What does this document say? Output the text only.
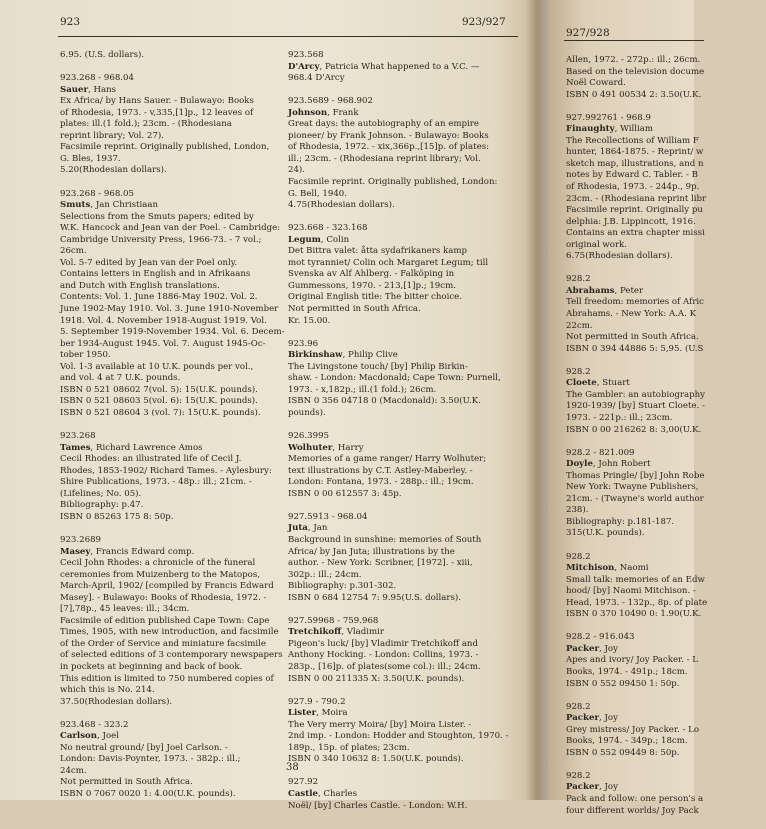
923	923/927

6.95. (U.S. dollars).

923.268 - 968.04

Sauer, Hans

Ex Africa/ by Hans Sauer. - Bulawayo: Books

of Rhodesia, 1973. - v,335,[1]p., 12 leaves of

plates: ill.(1 fold.); 23cm. - (Rhodesiana

reprint library; Vol. 27).

Facsimile reprint. Originally published, London,

G. Bles, 1937.

5.20(Rhodesian dollars).

923.268 - 968.05

Smuts, Jan Christiaan

Selections from the Smuts papers; edited by

W.K. Hancock and Jean van der Poel. - Cambridge:

Cambridge University Press, 1966-73. - 7 vol.;

26cm.

Vol. 5-7 edited by Jean van der Poel only.

Contains letters in English and in Afrikaans

and Dutch with English translations.

Contents: Vol. 1. June 1886-May 1902. Vol. 2.

June 1902-May 1910. Vol. 3. June 1910-November

1918. Vol. 4. November 1918-August 1919. Vol.

5. September 1919-November 1934. Vol. 6. Decem-

ber 1934-August 1945. Vol. 7. August 1945-Oc-

tober 1950.

Vol. 1-3 available at 10 U.K. pounds per vol.,

and vol. 4 at 7 U.K. pounds.

ISBN 0 521 08602 7(vol. 5): 15(U.K. pounds).

ISBN 0 521 08603 5(vol. 6): 15(U.K. pounds).

ISBN 0 521 08604 3 (vol. 7): 15(U.K. pounds).

923.268

Tames, Richard Lawrence Amos

Cecil Rhodes: an illustrated life of Cecil J.

Rhodes, 1853-1902/ Richard Tames. - Aylesbury:

Shire Publications, 1973. - 48p.: ill.; 21cm. -

(Lifelines; No. 05).

Bibliography: p.47.

ISBN 0 85263 175 8: 50p.

923.2689

Masey, Francis Edward comp.

Cecil John Rhodes: a chronicle of the funeral

ceremonies from Muizenberg to the Matopos,

March-April, 1902/ [compiled by Francis Edward

Masey]. - Bulawayo: Books of Rhodesia, 1972. -

[7],78p., 45 leaves: ill.; 34cm.

Facsimile of edition published Cape Town: Cape

Times, 1905, with new introduction, and facsimile

of the Order of Service and miniature facsimile

of selected editions of 3 contemporary newspapers

in pockets at beginning and back of book.

This edition is limited to 750 numbered copies of

which this is No. 214.

37.50(Rhodesian dollars).

923.468 - 323.2

Carlson, Joel

No neutral ground/ [by] Joel Carlson. -

London: Davis-Poynter, 1973. - 382p.: ill.;

24cm.

Not permitted in South Africa.

ISBN 0 7067 0020 1: 4.00(U.K. pounds).

923.568

D'Arcy, Patricia What happened to a V.C. —

968.4 D'Arcy

923.5689 - 968.902

Johnson, Frank

Great days: the autobiography of an empire

pioneer/ by Frank Johnson. - Bulawayo: Books

of Rhodesia, 1972. - xix,366p.,[15]p. of plates:

ill.; 23cm. - (Rhodesiana reprint library; Vol.

24).

Facsimile reprint. Originally published, London:

G. Bell, 1940.

4.75(Rhodesian dollars).

923.668 - 323.168

Legum, Colin

Det Bittra valet: åtta sydafrikaners kamp

mot tyranniet/ Colin och Margaret Legum; till

Svenska av Alf Ahlberg. - Falköping in

Gummessons, 1970. - 213,[1]p.; 19cm.

Original English title: The bitter choice.

Not permitted in South Africa.

Kr. 15.00.

923.96

Birkinshaw, Philip Clive

The Livingstone touch/ [by] Philip Birkin-

shaw. - London: Macdonald; Cape Town: Purnell,

1973. - x,182p.; ill.(1 fold.); 26cm.

ISBN 0 356 04718 0 (Macdonald): 3.50(U.K.

pounds).

926.3995

Wolhuter, Harry

Memories of a game ranger/ Harry Wolhuter;

text illustrations by C.T. Astley-Maberley. -

London: Fontana, 1973. - 288p.: ill.; 19cm.

ISBN 0 00 612557 3: 45p.

927.5913 - 968.04

Juta, Jan

Background in sunshine: memories of South

Africa/ by Jan Juta; illustrations by the

author. - New York: Scribner, [1972]. - xiii,

302p.: ill.; 24cm.

Bibliography: p.301-302.

ISBN 0 684 12754 7: 9.95(U.S. dollars).

927.59968 - 759.968

Tretchikoff, Vladimir

Pigeon's luck/ [by] Vladimir Tretchikoff and

Anthony Hocking. - London: Collins, 1973. -

283p., [16]p. of plates(some col.): ill.; 24cm.

ISBN 0 00 211335 X: 3.50(U.K. pounds).

927.9 - 790.2

Lister, Moira

The Very merry Moira/ [by] Moira Lister. -

2nd imp. - London: Hodder and Stoughton, 1970. -

189p., 15p. of plates; 23cm.

ISBN 0 340 10632 8: 1.50(U.K. pounds).

927.92

Castle, Charles

Noël/ [by] Charles Castle. - London: W.H.

38
927/928

Allen, 1972. - 272p.: ill.; 26cm.

Based on the television docume

Noël Coward.

ISBN 0 491 00534 2: 3.50(U.K.

927.992761 - 968.9

Finaughty, William

The Recollections of William F

hunter, 1864-1875. - Reprint/ w

sketch map, illustrations, and n

notes by Edward C. Tabler. - B

of Rhodesia, 1973. - 244p., 9p.

23cm. - (Rhodesiana reprint libr

Facsimile reprint. Originally pu

delphia: J.B. Lippincott, 1916.

Contains an extra chapter missi

original work.

6.75(Rhodesian dollars).

928.2

Abrahams, Peter

Tell freedom: memories of Afric

Abrahams. - New York: A.A. K

22cm.

Not permitted in South Africa.

ISBN 0 394 44886 5: 5,95. (U.S

928.2

Cloete, Stuart

The Gambler: an autobiography

1920-1939/ [by] Stuart Cloete. -

1973. - 221p.: ill.; 23cm.

ISBN 0 00 216262 8: 3,00(U.K.

928.2 - 821.009

Doyle, John Robert

Thomas Pringle/ [by] John Robe

New York: Twayne Publishers,

21cm. - (Twayne's world author

238).

Bibliography: p.181-187.

315(U.K. pounds).

928.2

Mitchison, Naomi

Small talk: memories of an Edw

hood/ [by] Naomi Mitchison. -

Head, 1973. - 132p., 8p. of plate

ISBN 0 370 10490 0: 1.90(U.K.

928.2 - 916.043

Packer, Joy

Apes and ivory/ Joy Packer. - L

Books, 1974. - 491p.; 18cm.

ISBN 0 552 09450 1: 50p.

928.2

Packer, Joy

Grey mistress/ Joy Packer. - Lo

Books, 1974. - 349p.; 18cm.

ISBN 0 552 09449 8: 50p.

928.2

Packer, Joy

Pack and follow: one person's a

four different worlds/ Joy Pack
